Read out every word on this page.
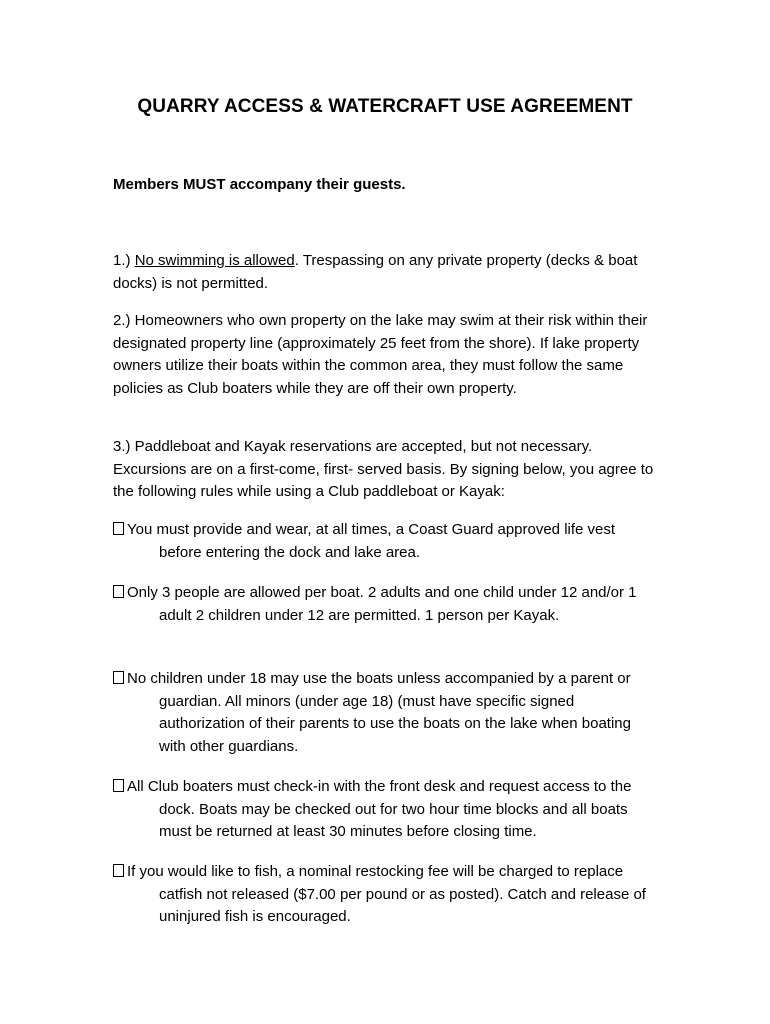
QUARRY ACCESS & WATERCRAFT USE AGREEMENT
Members MUST accompany their guests.
1.) No swimming is allowed. Trespassing on any private property (decks & boat docks) is not permitted.
2.) Homeowners who own property on the lake may swim at their risk within their designated property line (approximately 25 feet from the shore). If lake property owners utilize their boats within the common area, they must follow the same policies as Club boaters while they are off their own property.
3.) Paddleboat and Kayak reservations are accepted, but not necessary. Excursions are on a first-come, first- served basis. By signing below, you agree to the following rules while using a Club paddleboat or Kayak:
You must provide and wear, at all times, a Coast Guard approved life vest before entering the dock and lake area.
Only 3 people are allowed per boat. 2 adults and one child under 12 and/or 1 adult 2 children under 12 are permitted. 1 person per Kayak.
No children under 18 may use the boats unless accompanied by a parent or guardian. All minors (under age 18) (must have specific signed authorization of their parents to use the boats on the lake when boating with other guardians.
All Club boaters must check-in with the front desk and request access to the dock. Boats may be checked out for two hour time blocks and all boats must be returned at least 30 minutes before closing time.
If you would like to fish, a nominal restocking fee will be charged to replace catfish not released ($7.00 per pound or as posted). Catch and release of uninjured fish is encouraged.
